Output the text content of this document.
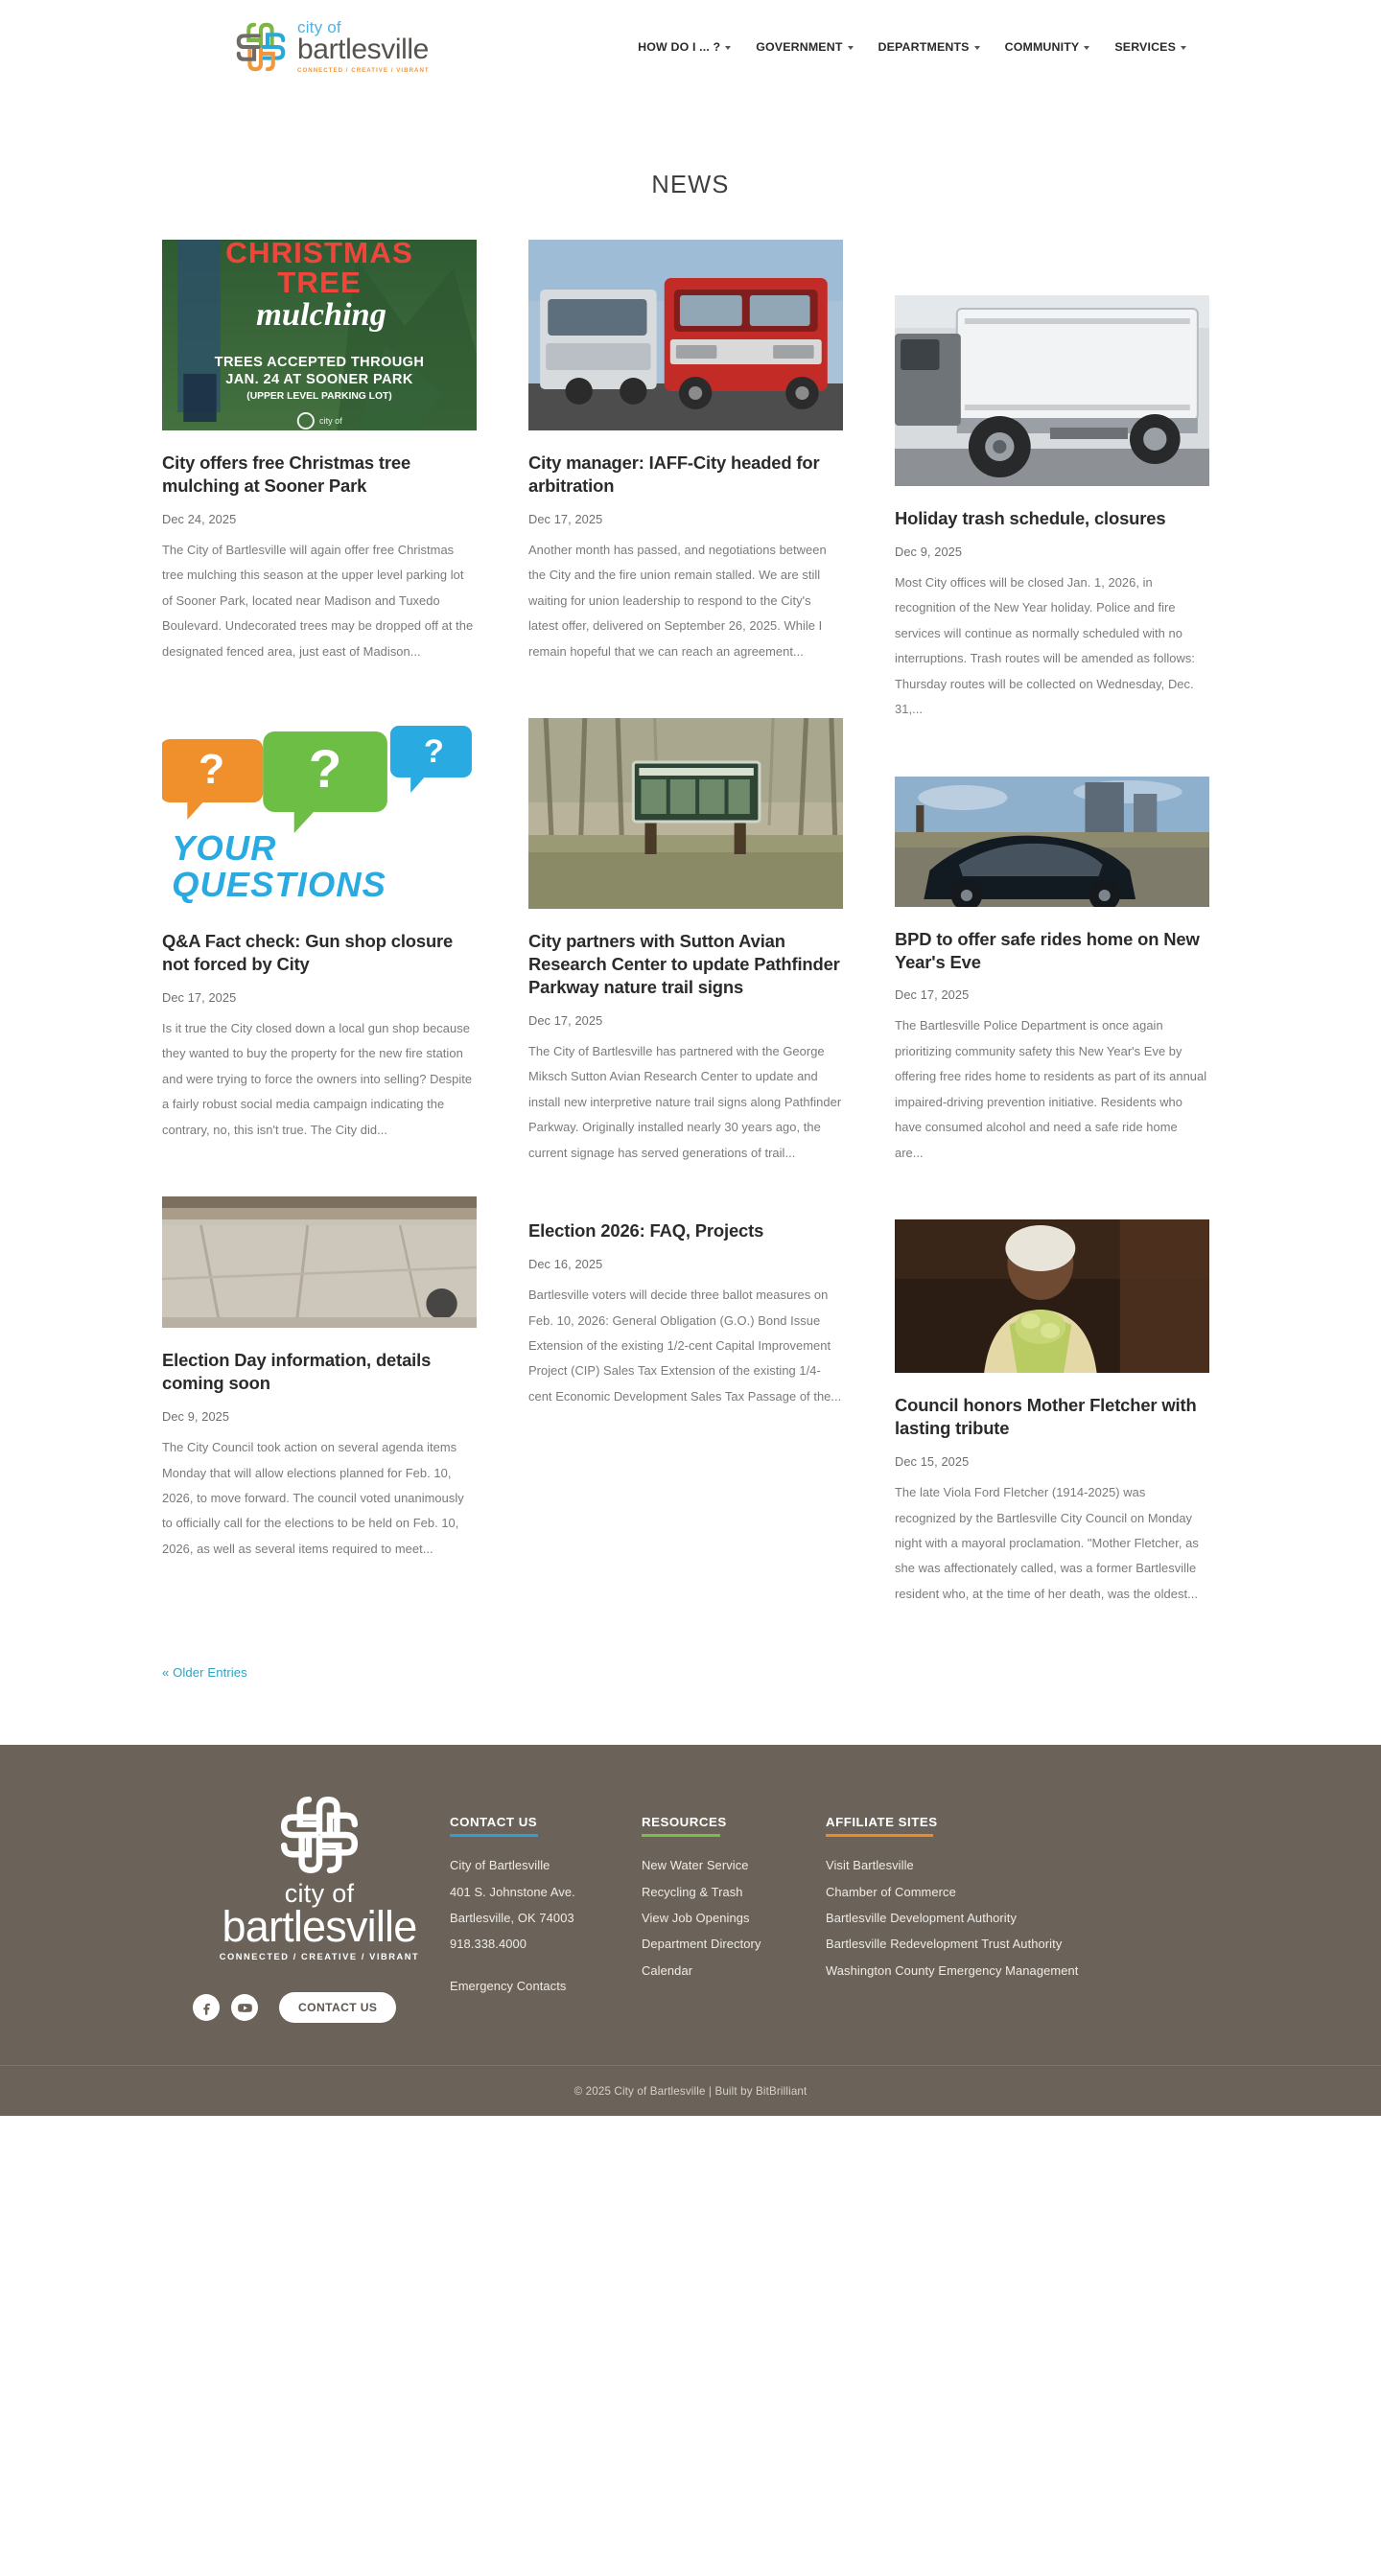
city of
bartlesville
CONNECTED / CREATIVE / VIBRANT
HOW DO I ... ?	GOVERNMENT	DEPARTMENTS	COMMUNITY	SERVICES
NEWS
CHRISTMAS
TREE
mulching
TREES ACCEPTED THROUGH
JAN. 24 AT SOONER PARK
(UPPER LEVEL PARKING LOT)
city of
City offers free Christmas tree mulching at Sooner Park
Dec 24, 2025

The City of Bartlesville will again offer free Christmas tree mulching this season at the upper level parking lot of Sooner Park, located near Madison and Tuxedo Boulevard. Undecorated trees may be dropped off at the designated fenced area, just east of Madison...

? ?	?
YOUR
QUESTIONS
Q&A Fact check: Gun shop closure not forced by City
Dec 17, 2025

Is it true the City closed down a local gun shop because they wanted to buy the property for the new fire station and were trying to force the owners into selling? Despite a fairly robust social media campaign indicating the contrary, no, this isn't true. The City did...

Election Day information, details coming soon
Dec 9, 2025

The City Council took action on several agenda items Monday that will allow elections planned for Feb. 10, 2026, to move forward. The council voted unanimously to officially call for the elections to be held on Feb. 10, 2026, as well as several items required to meet...

City manager: IAFF-City headed for arbitration
Dec 17, 2025

Another month has passed, and negotiations between the City and the fire union remain stalled. We are still waiting for union leadership to respond to the City's latest offer, delivered on September 26, 2025. While I remain hopeful that we can reach an agreement...

City partners with Sutton Avian Research Center to update Pathfinder Parkway nature trail signs
Dec 17, 2025

The City of Bartlesville has partnered with the George Miksch Sutton Avian Research Center to update and install new interpretive nature trail signs along Pathfinder Parkway. Originally installed nearly 30 years ago, the current signage has served generations of trail...

Election 2026: FAQ, Projects
Dec 16, 2025

Bartlesville voters will decide three ballot measures on Feb. 10, 2026: General Obligation (G.O.) Bond Issue Extension of the existing 1/2-cent Capital Improvement Project (CIP) Sales Tax Extension of the existing 1/4-cent Economic Development Sales Tax Passage of the...

Holiday trash schedule, closures
Dec 9, 2025

Most City offices will be closed Jan. 1, 2026, in recognition of the New Year holiday. Police and fire services will continue as normally scheduled with no interruptions. Trash routes will be amended as follows: Thursday routes will be collected on Wednesday, Dec. 31,...

BPD to offer safe rides home on New Year's Eve
Dec 17, 2025

The Bartlesville Police Department is once again prioritizing community safety this New Year's Eve by offering free rides home to residents as part of its annual impaired-driving prevention initiative. Residents who have consumed alcohol and need a safe ride home are...

Council honors Mother Fletcher with lasting tribute
Dec 15, 2025

The late Viola Ford Fletcher (1914-2025) was recognized by the Bartlesville City Council on Monday night with a mayoral proclamation. "Mother Fletcher, as she was affectionately called, was a former Bartlesville resident who, at the time of her death, was the oldest...

« Older Entries
city of
bartlesville
CONNECTED / CREATIVE / VIBRANT
CONTACT US
CONTACT US
City of Bartlesville
401 S. Johnstone Ave.
Bartlesville, OK 74003
918.338.4000
Emergency Contacts
RESOURCES
New Water Service
Recycling & Trash
View Job Openings
Department Directory
Calendar
AFFILIATE SITES
Visit Bartlesville
Chamber of Commerce
Bartlesville Development Authority
Bartlesville Redevelopment Trust Authority
Washington County Emergency Management
© 2025 City of Bartlesville | Built by BitBrilliant
